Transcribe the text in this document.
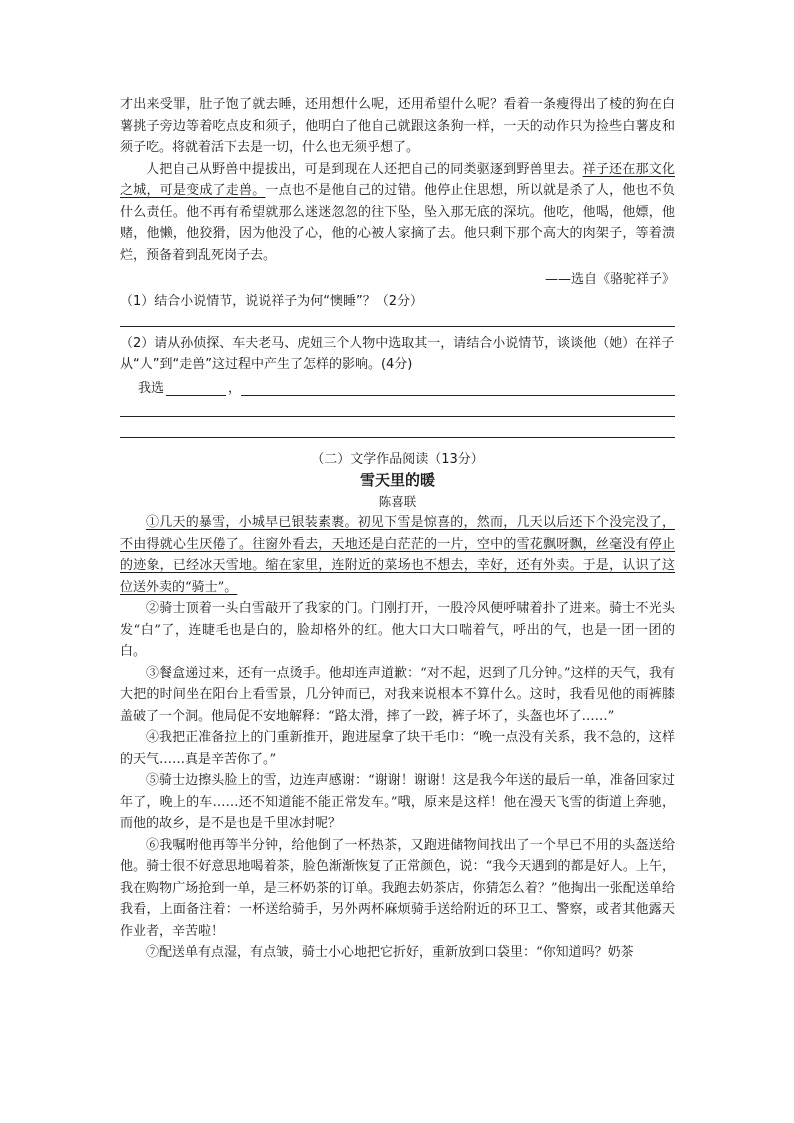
才出来受罪，肚子饱了就去睡，还用想什么呢，还用希望什么呢？看着一条瘦得出了棱的狗在白薯挑子旁边等着吃点皮和须子，他明白了他自己就跟这条狗一样，一天的动作只为捡些白薯皮和须子吃。将就着活下去是一切，什么也无须乎想了。

人把自己从野兽中提拔出，可是到现在人还把自己的同类驱逐到野兽里去。祥子还在那文化之城，可是变成了走兽。一点也不是他自己的过错。他停止住思想，所以就是杀了人，他也不负什么责任。他不再有希望就那么迷迷忽忽的往下坠，坠入那无底的深坑。他吃，他喝，他嫖，他赌，他懒，他狡猾，因为他没了心，他的心被人家摘了去。他只剩下那个高大的肉架子，等着溃烂，预备着到乱死岗子去。

——选自《骆驼祥子》
（1）结合小说情节，说说祥子为何“懊睡”？（2分）
（2）请从孙侦探、车夫老马、虎妞三个人物中选取其一，请结合小说情节，谈谈他（她）在祥子从“人”到“走兽”这过程中产生了怎样的影响。(4分)
我选	，
（二）文学作品阅读（13分）
雪天里的暖
陈喜联

①几天的暴雪，小城早已银装素裹。初见下雪是惊喜的，然而，几天以后还下个没完没了，不由得就心生厌倦了。往窗外看去，天地还是白茫茫的一片，空中的雪花飘呀飘，丝毫没有停止的迹象，已经冰天雪地。缩在家里，连附近的菜场也不想去，幸好，还有外卖。于是，认识了这位送外卖的“骑士”。

②骑士顶着一头白雪敲开了我家的门。门刚打开，一股冷风便呼啸着扑了进来。骑士不光头发“白”了，连睫毛也是白的，脸却格外的红。他大口大口喘着气，呼出的气，也是一团一团的白。

③餐盒递过来，还有一点烫手。他却连声道歉：“对不起，迟到了几分钟。”这样的天气，我有大把的时间坐在阳台上看雪景，几分钟而已，对我来说根本不算什么。这时，我看见他的雨裤膝盖破了一个洞。他局促不安地解释：“路太滑，摔了一跤，裤子坏了，头盔也坏了……”

④我把正准备拉上的门重新推开，跑进屋拿了块干毛巾：“晚一点没有关系，我不急的，这样的天气……真是辛苦你了。”

⑤骑士边擦头脸上的雪，边连声感谢：“谢谢！谢谢！这是我今年送的最后一单，准备回家过年了，晚上的车……还不知道能不能正常发车。”哦，原来是这样！他在漫天飞雪的街道上奔驰，而他的故乡，是不是也是千里冰封呢？

⑥我嘱咐他再等半分钟，给他倒了一杯热茶，又跑进储物间找出了一个早已不用的头盔送给他。骑士很不好意思地喝着茶，脸色渐渐恢复了正常颜色，说：“我今天遇到的都是好人。上午，我在购物广场抢到一单，是三杯奶茶的订单。我跑去奶茶店，你猜怎么着？”他掏出一张配送单给我看，上面备注着：一杯送给骑手，另外两杯麻烦骑手送给附近的环卫工、警察，或者其他露天作业者，辛苦啦！

⑦配送单有点湿，有点皱，骑士小心地把它折好，重新放到口袋里：“你知道吗？奶茶
